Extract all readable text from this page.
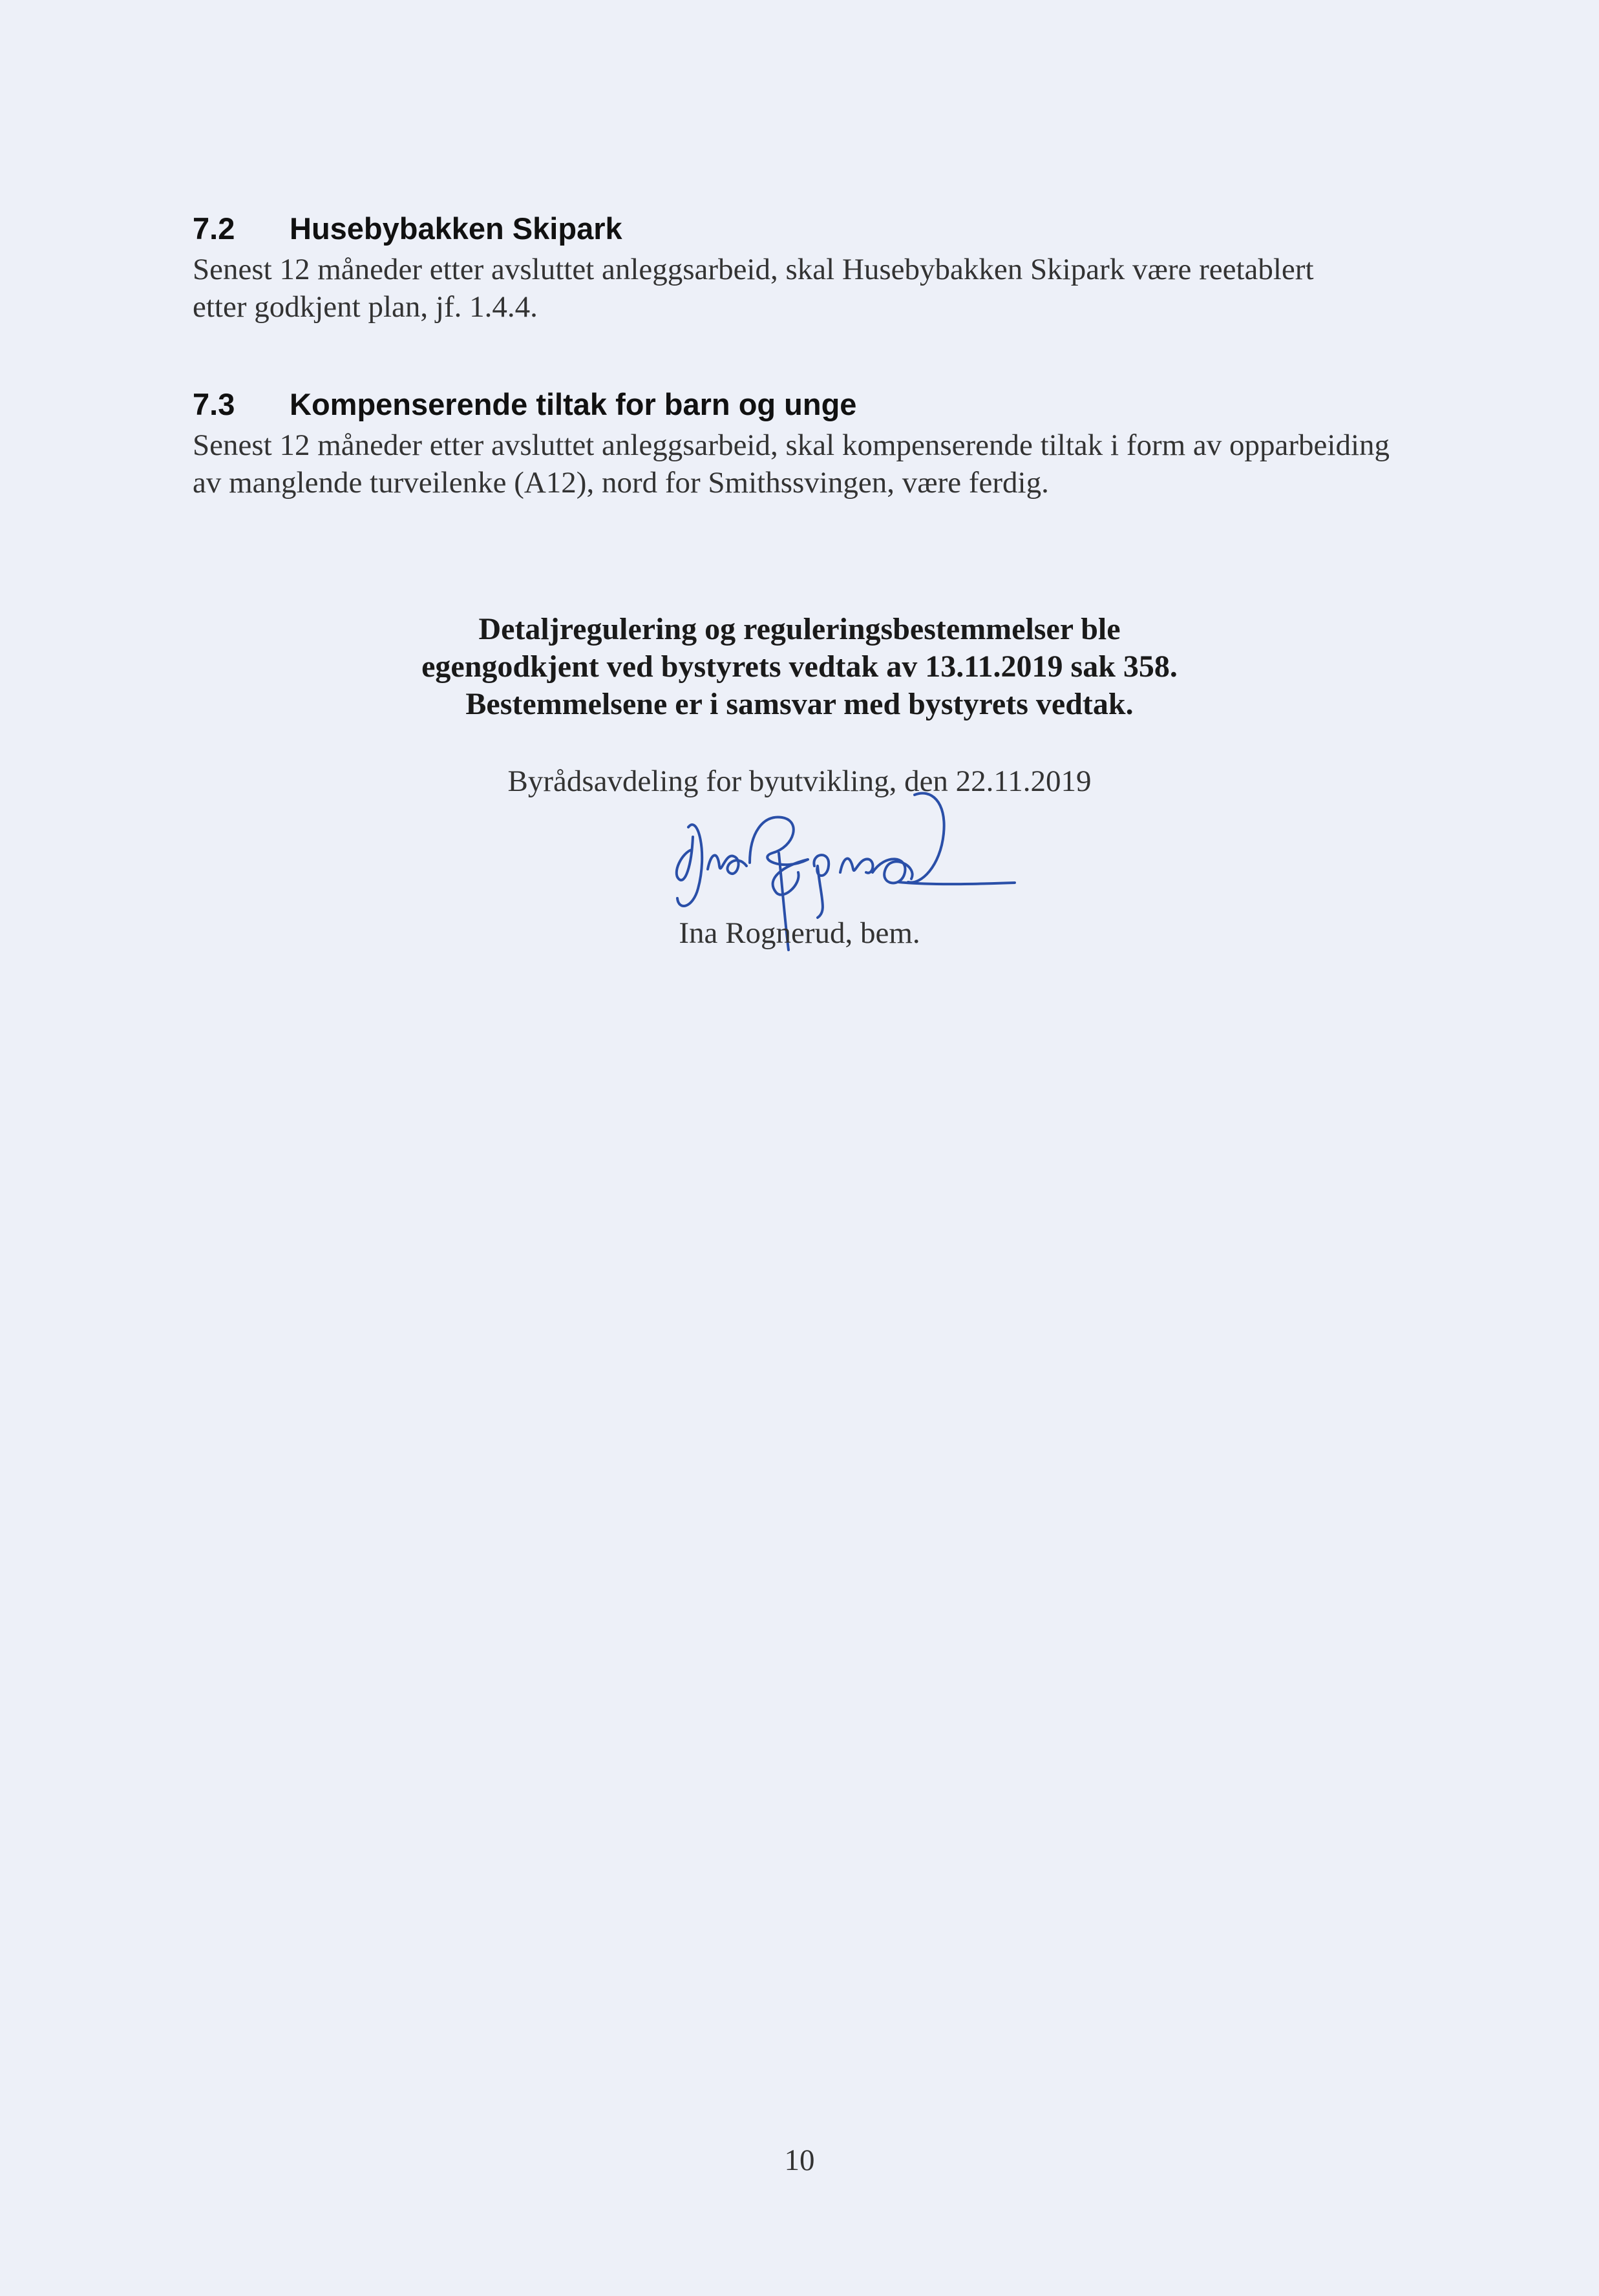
7.2 Husebybakken Skipark
Senest 12 måneder etter avsluttet anleggsarbeid, skal Husebybakken Skipark være reetablert
etter godkjent plan, jf. 1.4.4.
7.3 Kompenserende tiltak for barn og unge
Senest 12 måneder etter avsluttet anleggsarbeid, skal kompenserende tiltak i form av opparbeiding
av manglende turveilenke (A12), nord for Smithssvingen, være ferdig.
Detaljregulering og reguleringsbestemmelser ble
egengodkjent ved bystyrets vedtak av 13.11.2019 sak 358.
Bestemmelsene er i samsvar med bystyrets vedtak.
Byrådsavdeling for byutvikling, den 22.11.2019
Ina Rognerud, bem.
10
